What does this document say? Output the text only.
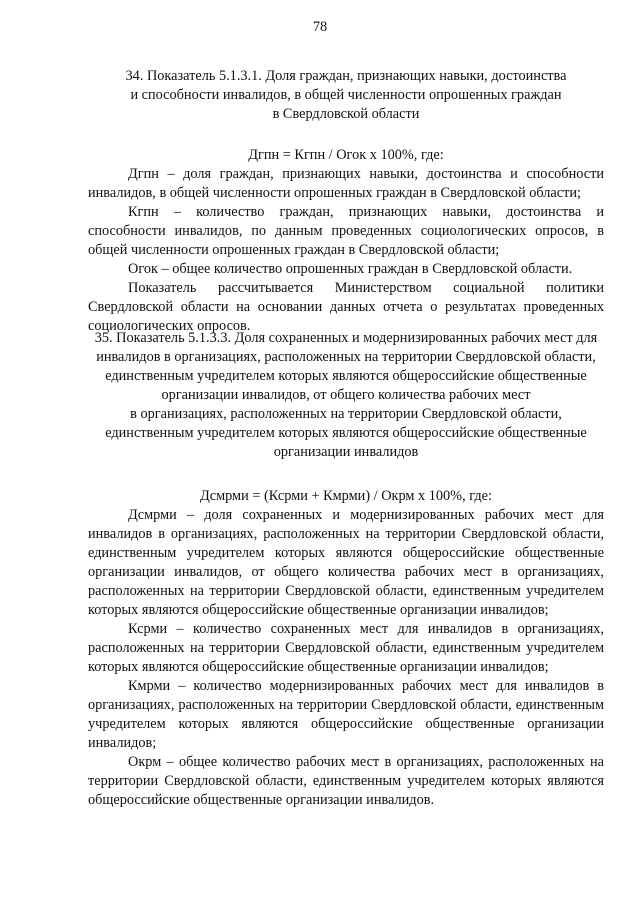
78

34. Показатель 5.1.3.1. Доля граждан, признающих навыки, достоинства
и способности инвалидов, в общей численности опрошенных граждан
в Свердловской области

Дгпн = Кгпн / Огок х 100%, где:

Дгпн – доля граждан, признающих навыки, достоинства и способности инвалидов, в общей численности опрошенных граждан в Свердловской области;

Кгпн – количество граждан, признающих навыки, достоинства и способности инвалидов, по данным проведенных социологических опросов, в общей численности опрошенных граждан в Свердловской области;

Огок – общее количество опрошенных граждан в Свердловской области.

Показатель рассчитывается Министерством социальной политики Свердловской области на основании данных отчета о результатах проведенных социологических опросов.

35. Показатель 5.1.3.3. Доля сохраненных и модернизированных рабочих мест для
инвалидов в организациях, расположенных на территории Свердловской области,
единственным учредителем которых являются общероссийские общественные
организации инвалидов, от общего количества рабочих мест
в организациях, расположенных на территории Свердловской области,
единственным учредителем которых являются общероссийские общественные
организации инвалидов

Дсмрми = (Ксрми + Кмрми) / Окрм х 100%, где:

Дсмрми – доля сохраненных и модернизированных рабочих мест для инвалидов в организациях, расположенных на территории Свердловской области, единственным учредителем которых являются общероссийские общественные организации инвалидов, от общего количества рабочих мест в организациях, расположенных на территории Свердловской области, единственным учредителем которых являются общероссийские общественные организации инвалидов;

Ксрми – количество сохраненных мест для инвалидов в организациях, расположенных на территории Свердловской области, единственным учредителем которых являются общероссийские общественные организации инвалидов;

Кмрми – количество модернизированных рабочих мест для инвалидов в организациях, расположенных на территории Свердловской области, единственным учредителем которых являются общероссийские общественные организации инвалидов;

Окрм – общее количество рабочих мест в организациях, расположенных на территории Свердловской области, единственным учредителем которых являются общероссийские общественные организации инвалидов.
